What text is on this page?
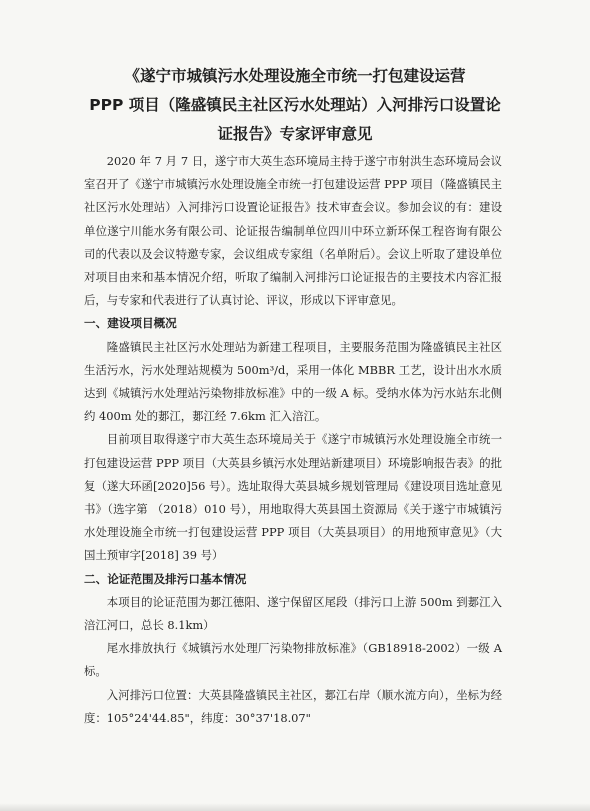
《遂宁市城镇污水处理设施全市统一打包建设运营
PPP 项目（隆盛镇民主社区污水处理站）入河排污口设置论
证报告》专家评审意见

2020 年 7 月 7 日，遂宁市大英生态环境局主持于遂宁市射洪生态环境局会议室召开了《遂宁市城镇污水处理设施全市统一打包建设运营 PPP 项目（隆盛镇民主社区污水处理站）入河排污口设置论证报告》技术审查会议。参加会议的有：建设单位遂宁川能水务有限公司、论证报告编制单位四川中环立新环保工程咨询有限公司的代表以及会议特邀专家，会议组成专家组（名单附后）。会议上听取了建设单位对项目由来和基本情况介绍，听取了编制入河排污口论证报告的主要技术内容汇报后，与专家和代表进行了认真讨论、评议，形成以下评审意见。

一、建设项目概况

隆盛镇民主社区污水处理站为新建工程项目，主要服务范围为隆盛镇民主社区生活污水，污水处理站规模为 500m³/d，采用一体化 MBBR 工艺，设计出水水质达到《城镇污水处理站污染物排放标准》中的一级 A 标。受纳水体为污水站东北侧约 400m 处的郪江，郪江经 7.6km 汇入涪江。

目前项目取得遂宁市大英生态环境局关于《遂宁市城镇污水处理设施全市统一打包建设运营 PPP 项目（大英县乡镇污水处理站新建项目）环境影响报告表》的批复（遂大环函[2020]56 号）。选址取得大英县城乡规划管理局《建设项目选址意见书》（选字第 （2018）010 号），用地取得大英县国土资源局《关于遂宁市城镇污水处理设施全市统一打包建设运营 PPP 项目（大英县项目）的用地预审意见》（大国土预审字[2018] 39 号）

二、论证范围及排污口基本情况

本项目的论证范围为郪江德阳、遂宁保留区尾段（排污口上游 500m 到郪江入涪江河口，总长 8.1km）

尾水排放执行《城镇污水处理厂污染物排放标准》（GB18918-2002）一级 A 标。

入河排污口位置：大英县隆盛镇民主社区，郪江右岸（顺水流方向），坐标为经度：105°24'44.85"，纬度：30°37'18.07"
